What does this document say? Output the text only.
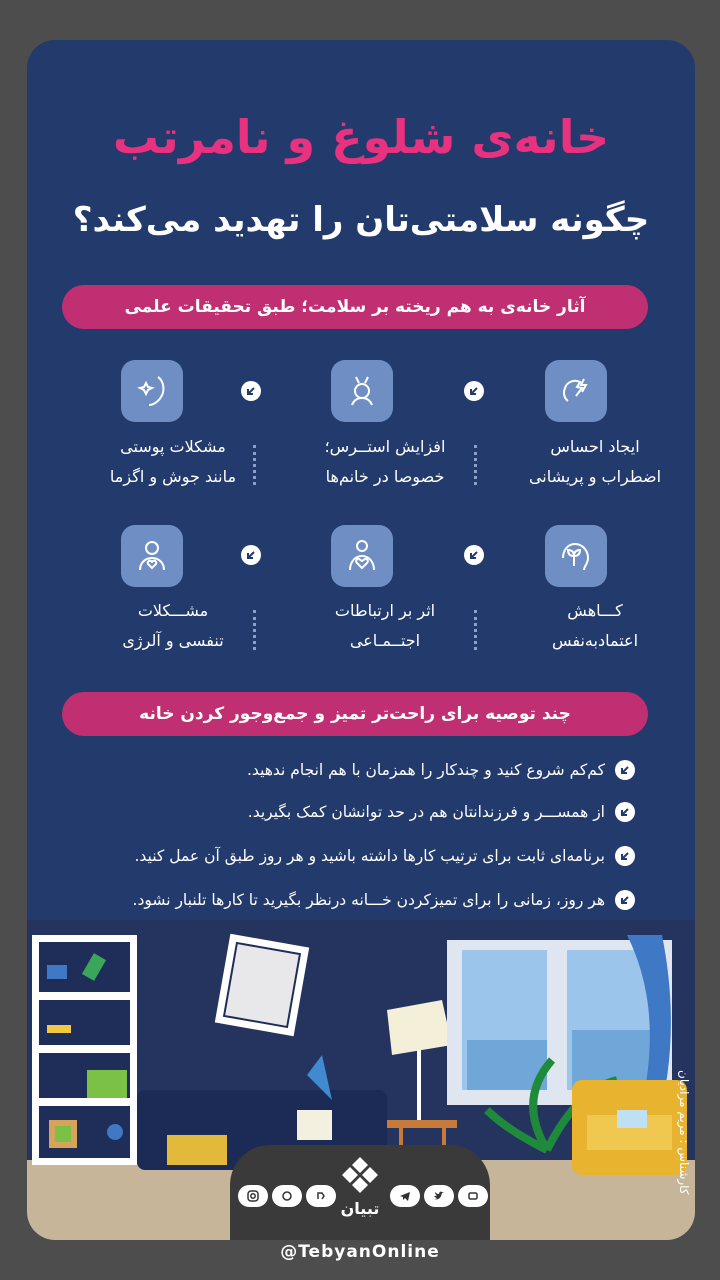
خانه‌ی شلوغ و نامرتب
چگونه سلامتی‌تان را تهدید می‌کند؟
آثار خانه‌ی به هم ریخته بر سلامت؛ طبق تحقیقات علمی
ایجاد احساس
اضطراب و پریشانی
افزایش استــرس؛
خصوصا در خانم‌ها
مشکلات پوستی
مانند جوش و اگزما
کـــاهش
اعتماد‌به‌نفس
اثر بر ارتباطات
اجتــمـاعی
مشـــکلات
تنفسی و آلرژی
چند توصیه برای راحت‌تر تمیز و جمع‌وجور کردن خانه
کم‌کم شروع کنید و چندکار را همزمان با هم انجام ندهید.
از همســـر و فرزندانتان هم در حد توانشان کمک بگیرید.
برنامه‌ای ثابت برای ترتیب کارها داشته باشید و هر روز طبق آن عمل کنید.
هر روز، زمانی را برای تمیزکردن خـــانه درنظر بگیرید تا کارها تلنبار نشود.
کارشناس : مریم مرادیان
تبیان
@TebyanOnline
